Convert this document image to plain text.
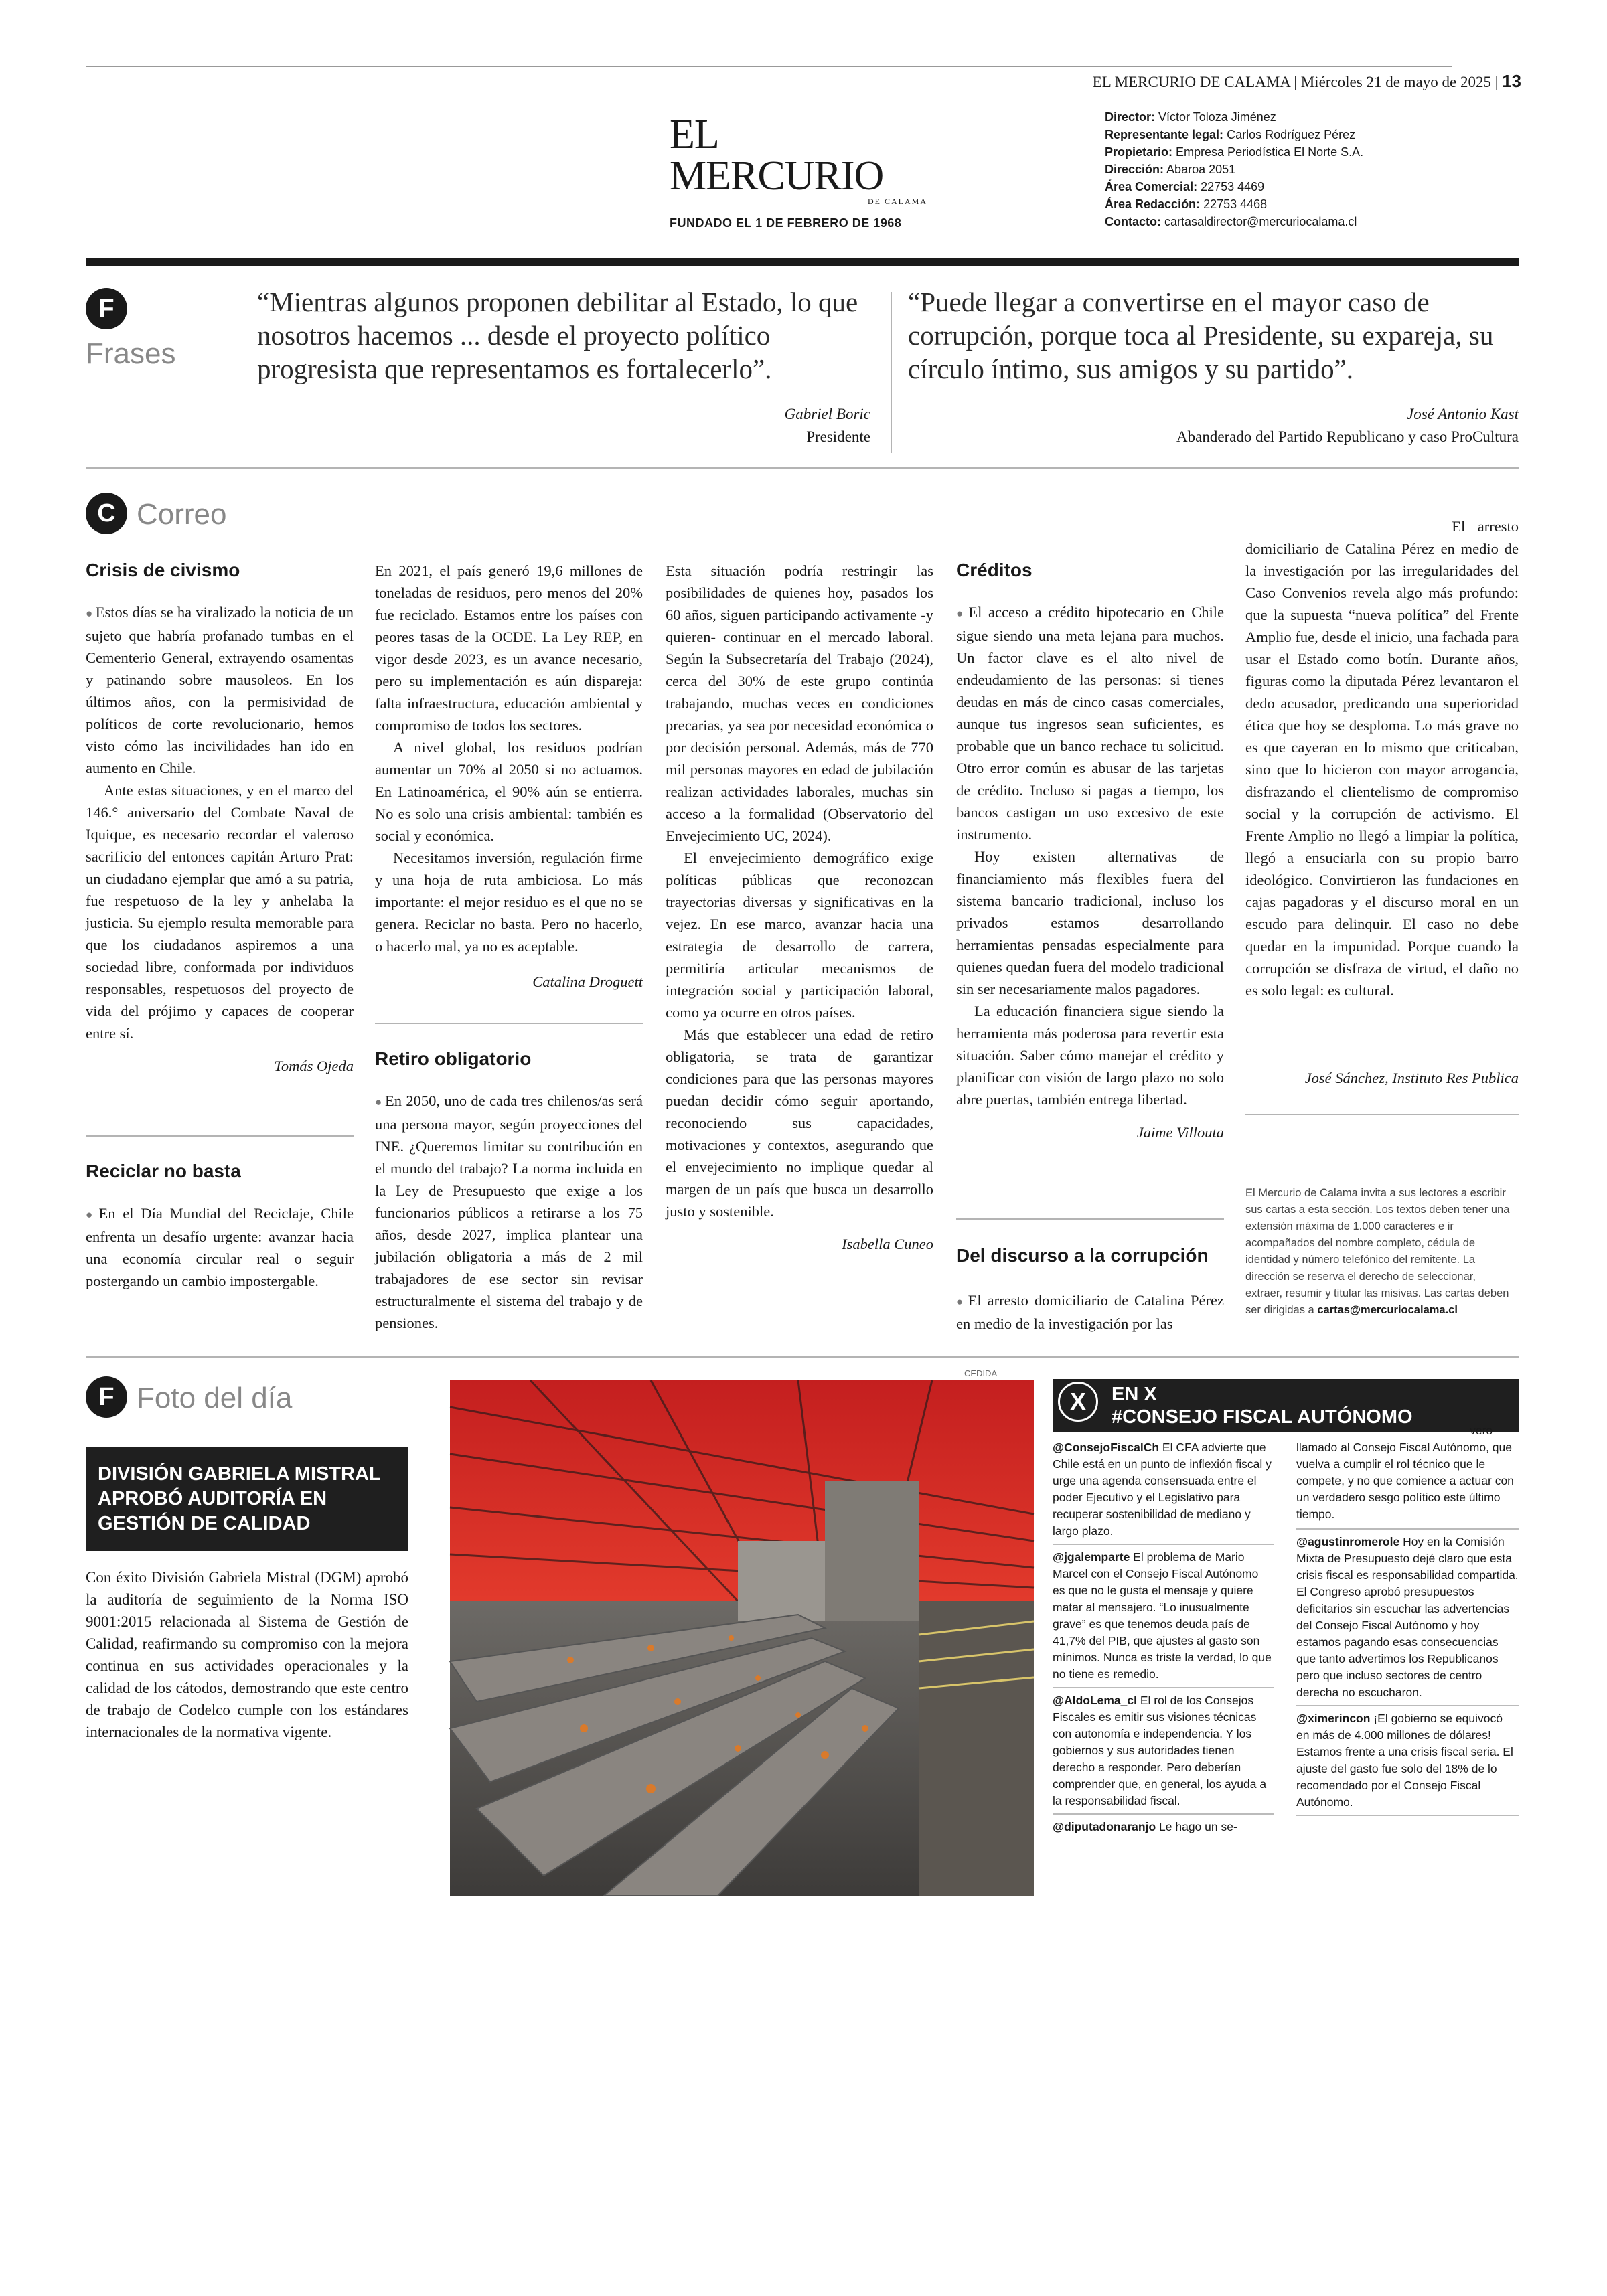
EL MERCURIO DE CALAMA | Miércoles 21 de mayo de 2025 | 13
EL MERCURIO
DE CALAMA
FUNDADO EL 1 DE FEBRERO DE 1968
Director: Víctor Toloza Jiménez
Representante legal: Carlos Rodríguez Pérez
Propietario: Empresa Periodística El Norte S.A.
Dirección: Abaroa 2051
Área Comercial: 22753 4469
Área Redacción: 22753 4468
Contacto: cartasaldirector@mercuriocalama.cl
F
Frases
“Mientras algunos proponen debilitar al Estado, lo que nosotros hacemos ... desde el proyecto político progresista que representamos es fortalecerlo”.
Gabriel Boric
Presidente
“Puede llegar a convertirse en el mayor caso de corrupción, porque toca al Presidente, su expareja, su círculo íntimo, sus amigos y su partido”.
José Antonio Kast
Abanderado del Partido Republicano y caso ProCultura
C Correo
Crisis de civismo

● Estos días se ha viralizado la noticia de un sujeto que habría profanado tumbas en el Cementerio General, extrayendo osamentas y patinando sobre mausoleos. En los últimos años, con la permisividad de políticos de corte revolucionario, hemos visto cómo las incivilidades han ido en aumento en Chile.

Ante estas situaciones, y en el marco del 146.° aniversario del Combate Naval de Iquique, es necesario recordar el valeroso sacrificio del entonces capitán Arturo Prat: un ciudadano ejemplar que amó a su patria, fue respetuoso de la ley y anhelaba la justicia. Su ejemplo resulta memorable para que los ciudadanos aspiremos a una sociedad libre, conformada por individuos responsables, respetuosos del proyecto de vida del prójimo y capaces de cooperar entre sí.

Tomás Ojeda
Reciclar no basta

● En el Día Mundial del Reciclaje, Chile enfrenta un desafío urgente: avanzar hacia una economía circular real o seguir postergando un cambio impostergable.

En 2021, el país generó 19,6 millones de toneladas de residuos, pero menos del 20% fue reciclado. Estamos entre los países con peores tasas de la OCDE. La Ley REP, en vigor desde 2023, es un avance necesario, pero su implementación es aún dispareja: falta infraestructura, educación ambiental y compromiso de todos los sectores.

A nivel global, los residuos podrían aumentar un 70% al 2050 si no actuamos. En Latinoamérica, el 90% aún se entierra. No es solo una crisis ambiental: también es social y económica.

Necesitamos inversión, regulación firme y una hoja de ruta ambiciosa. Lo más importante: el mejor residuo es el que no se genera. Reciclar no basta. Pero no hacerlo, o hacerlo mal, ya no es aceptable.

Catalina Droguett
Retiro obligatorio

● En 2050, uno de cada tres chilenos/as será una persona mayor, según proyecciones del INE. ¿Queremos limitar su contribución en el mundo del trabajo? La norma incluida en la Ley de Presupuesto que exige a los funcionarios públicos a retirarse a los 75 años, desde 2027, implica plantear una jubilación obligatoria a más de 2 mil trabajadores de ese sector sin revisar estructuralmente el sistema del trabajo y de pensiones.

Esta situación podría restringir las posibilidades de quienes hoy, pasados los 60 años, siguen participando activamente -y quieren- continuar en el mercado laboral. Según la Subsecretaría del Trabajo (2024), cerca del 30% de este grupo continúa trabajando, muchas veces en condiciones precarias, ya sea por necesidad económica o por decisión personal. Además, más de 770 mil personas mayores en edad de jubilación realizan actividades laborales, muchas sin acceso a la formalidad (Observatorio del Envejecimiento UC, 2024).

El envejecimiento demográfico exige políticas públicas que reconozcan trayectorias diversas y significativas en la vejez. En ese marco, avanzar hacia una estrategia de desarrollo de carrera, permitiría articular mecanismos de integración social y participación laboral, como ya ocurre en otros países.

Más que establecer una edad de retiro obligatoria, se trata de garantizar condiciones para que las personas mayores puedan decidir cómo seguir aportando, reconociendo sus capacidades, motivaciones y contextos, asegurando que el envejecimiento no implique quedar al margen de un país que busca un desarrollo justo y sostenible.

Isabella Cuneo
Créditos

● El acceso a crédito hipotecario en Chile sigue siendo una meta lejana para muchos. Un factor clave es el alto nivel de endeudamiento de las personas: si tienes deudas en más de cinco casas comerciales, aunque tus ingresos sean suficientes, es probable que un banco rechace tu solicitud. Otro error común es abusar de las tarjetas de crédito. Incluso si pagas a tiempo, los bancos castigan un uso excesivo de este instrumento.

Hoy existen alternativas de financiamiento más flexibles fuera del sistema bancario tradicional, incluso los privados estamos desarrollando herramientas pensadas especialmente para quienes quedan fuera del modelo tradicional sin ser necesariamente malos pagadores.

La educación financiera sigue siendo la herramienta más poderosa para revertir esta situación. Saber cómo manejar el crédito y planificar con visión de largo plazo no solo abre puertas, también entrega libertad.

Jaime Villouta
Del discurso a la corrupción

● El arresto domiciliario de Catalina Pérez en medio de la investigación por las

El arresto domiciliario de Catalina Pérez en medio de la investigación por las irregularidades del Caso Convenios revela algo más profundo: que la supuesta “nueva política” del Frente Amplio fue, desde el inicio, una fachada para usar el Estado como botín. Durante años, figuras como la diputada Pérez levantaron el dedo acusador, predicando una superioridad ética que hoy se desploma. Lo más grave no es que cayeran en lo mismo que criticaban, sino que lo hicieron con mayor arrogancia, disfrazando el clientelismo de compromiso social y la corrupción de activismo. El Frente Amplio no llegó a limpiar la política, llegó a ensuciarla con su propio barro ideológico. Convirtieron las fundaciones en cajas pagadoras y el discurso moral en un escudo para delinquir. El caso no debe quedar en la impunidad. Porque cuando la corrupción se disfraza de virtud, el daño no es solo legal: es cultural.

José Sánchez, Instituto Res Publica
El Mercurio de Calama invita a sus lectores a escribir sus cartas a esta sección. Los textos deben tener una extensión máxima de 1.000 caracteres e ir acompañados del nombre completo, cédula de identidad y número telefónico del remitente. La dirección se reserva el derecho de seleccionar, extraer, resumir y titular las misivas. Las cartas deben ser dirigidas a cartas@mercuriocalama.cl
F Foto del día
DIVISIÓN GABRIELA MISTRAL APROBÓ AUDITORÍA EN GESTIÓN DE CALIDAD
Con éxito División Gabriela Mistral (DGM) aprobó la auditoría de seguimiento de la Norma ISO 9001:2015 relacionada al Sistema de Gestión de Calidad, reafirmando su compromiso con la mejora continua en sus actividades operacionales y la calidad de los cátodos, demostrando que este centro de trabajo de Codelco cumple con los estándares internacionales de la normativa vigente.
CEDIDA
EN X
#CONSEJO FISCAL AUTÓNOMO
X
@ConsejoFiscalCh El CFA advierte que Chile está en un punto de inflexión fiscal y urge una agenda consensuada entre el poder Ejecutivo y el Legislativo para recuperar sostenibilidad de mediano y largo plazo.
@jgalemparte El problema de Mario Marcel con el Consejo Fiscal Autónomo es que no le gusta el mensaje y quiere matar al mensajero. “Lo inusualmente grave” es que tenemos deuda país de 41,7% del PIB, que ajustes al gasto son mínimos. Nunca es triste la verdad, lo que no tiene es remedio.
@AldoLema_cl El rol de los Consejos Fiscales es emitir sus visiones técnicas con autonomía e independencia. Y los gobiernos y sus autoridades tienen derecho a responder. Pero deberían comprender que, en general, los ayuda a la responsabilidad fiscal.
@diputadonaranjo Le hago un se-
vero llamado al Consejo Fiscal Autónomo, que vuelva a cumplir el rol técnico que le compete, y no que comience a actuar con un verdadero sesgo político este último tiempo.
@agustinromerole Hoy en la Comisión Mixta de Presupuesto dejé claro que esta crisis fiscal es responsabilidad compartida. El Congreso aprobó presupuestos deficitarios sin escuchar las advertencias del Consejo Fiscal Autónomo y hoy estamos pagando esas consecuencias que tanto advertimos los Republicanos pero que incluso sectores de centro derecha no escucharon.
@ximerincon ¡El gobierno se equivocó en más de 4.000 millones de dólares! Estamos frente a una crisis fiscal seria. El ajuste del gasto fue solo del 18% de lo recomendado por el Consejo Fiscal Autónomo.
